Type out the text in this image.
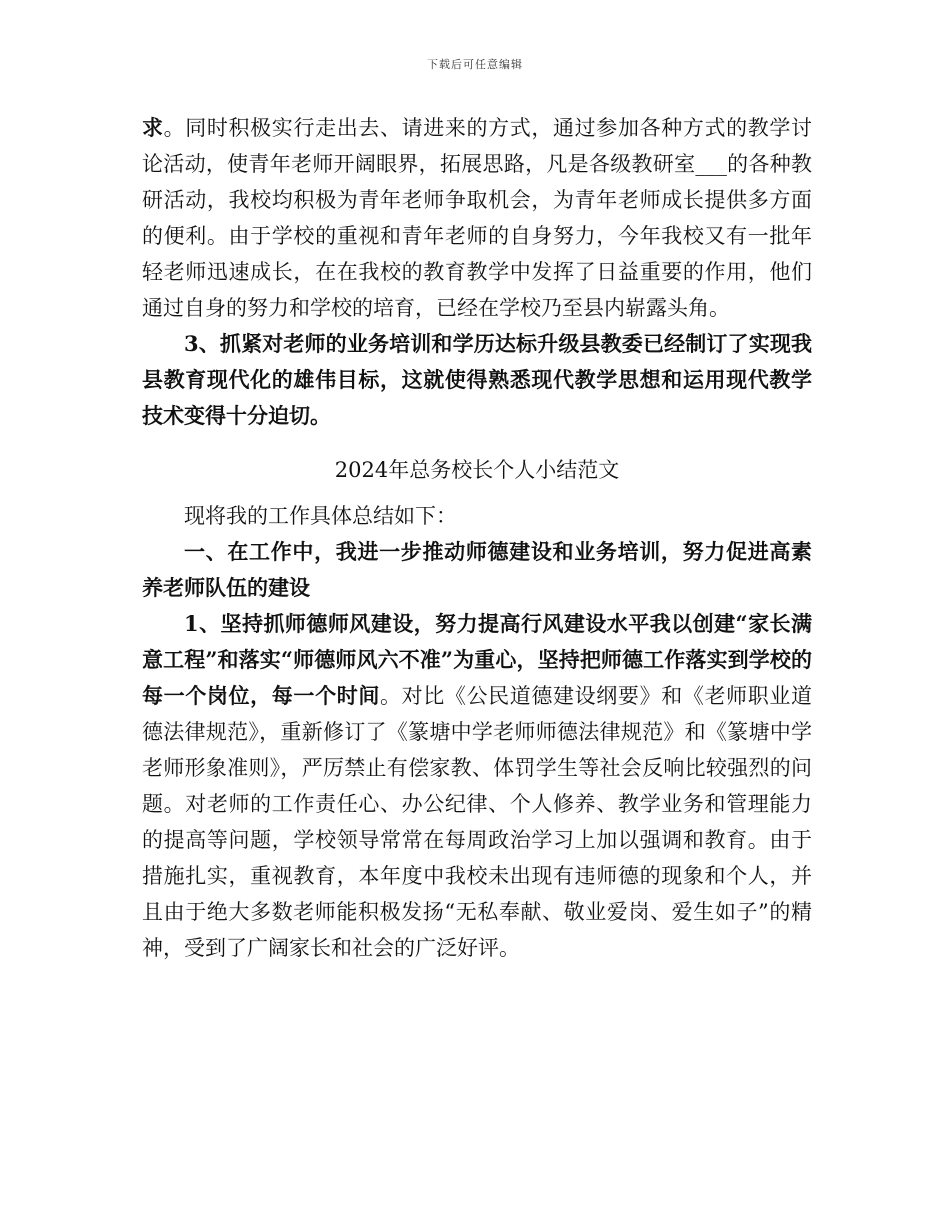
下载后可任意编辑

求。同时积极实行走出去、请进来的方式，通过参加各种方式的教学讨论活动，使青年老师开阔眼界，拓展思路，凡是各级教研室___的各种教研活动，我校均积极为青年老师争取机会，为青年老师成长提供多方面的便利。由于学校的重视和青年老师的自身努力，今年我校又有一批年轻老师迅速成长，在在我校的教育教学中发挥了日益重要的作用，他们通过自身的努力和学校的培育，已经在学校乃至县内崭露头角。

3、抓紧对老师的业务培训和学历达标升级县教委已经制订了实现我县教育现代化的雄伟目标，这就使得熟悉现代教学思想和运用现代教学技术变得十分迫切。

2024年总务校长个人小结范文

现将我的工作具体总结如下：

一、在工作中，我进一步推动师德建设和业务培训，努力促进高素养老师队伍的建设

1、坚持抓师德师风建设，努力提高行风建设水平我以创建“家长满意工程”和落实“师德师风六不准”为重心，坚持把师德工作落实到学校的每一个岗位，每一个时间。对比《公民道德建设纲要》和《老师职业道德法律规范》，重新修订了《篆塘中学老师师德法律规范》和《篆塘中学老师形象准则》，严厉禁止有偿家教、体罚学生等社会反响比较强烈的问题。对老师的工作责任心、办公纪律、个人修养、教学业务和管理能力的提高等问题，学校领导常常在每周政治学习上加以强调和教育。由于措施扎实，重视教育，本年度中我校未出现有违师德的现象和个人，并且由于绝大多数老师能积极发扬“无私奉献、敬业爱岗、爱生如子”的精神，受到了广阔家长和社会的广泛好评。
